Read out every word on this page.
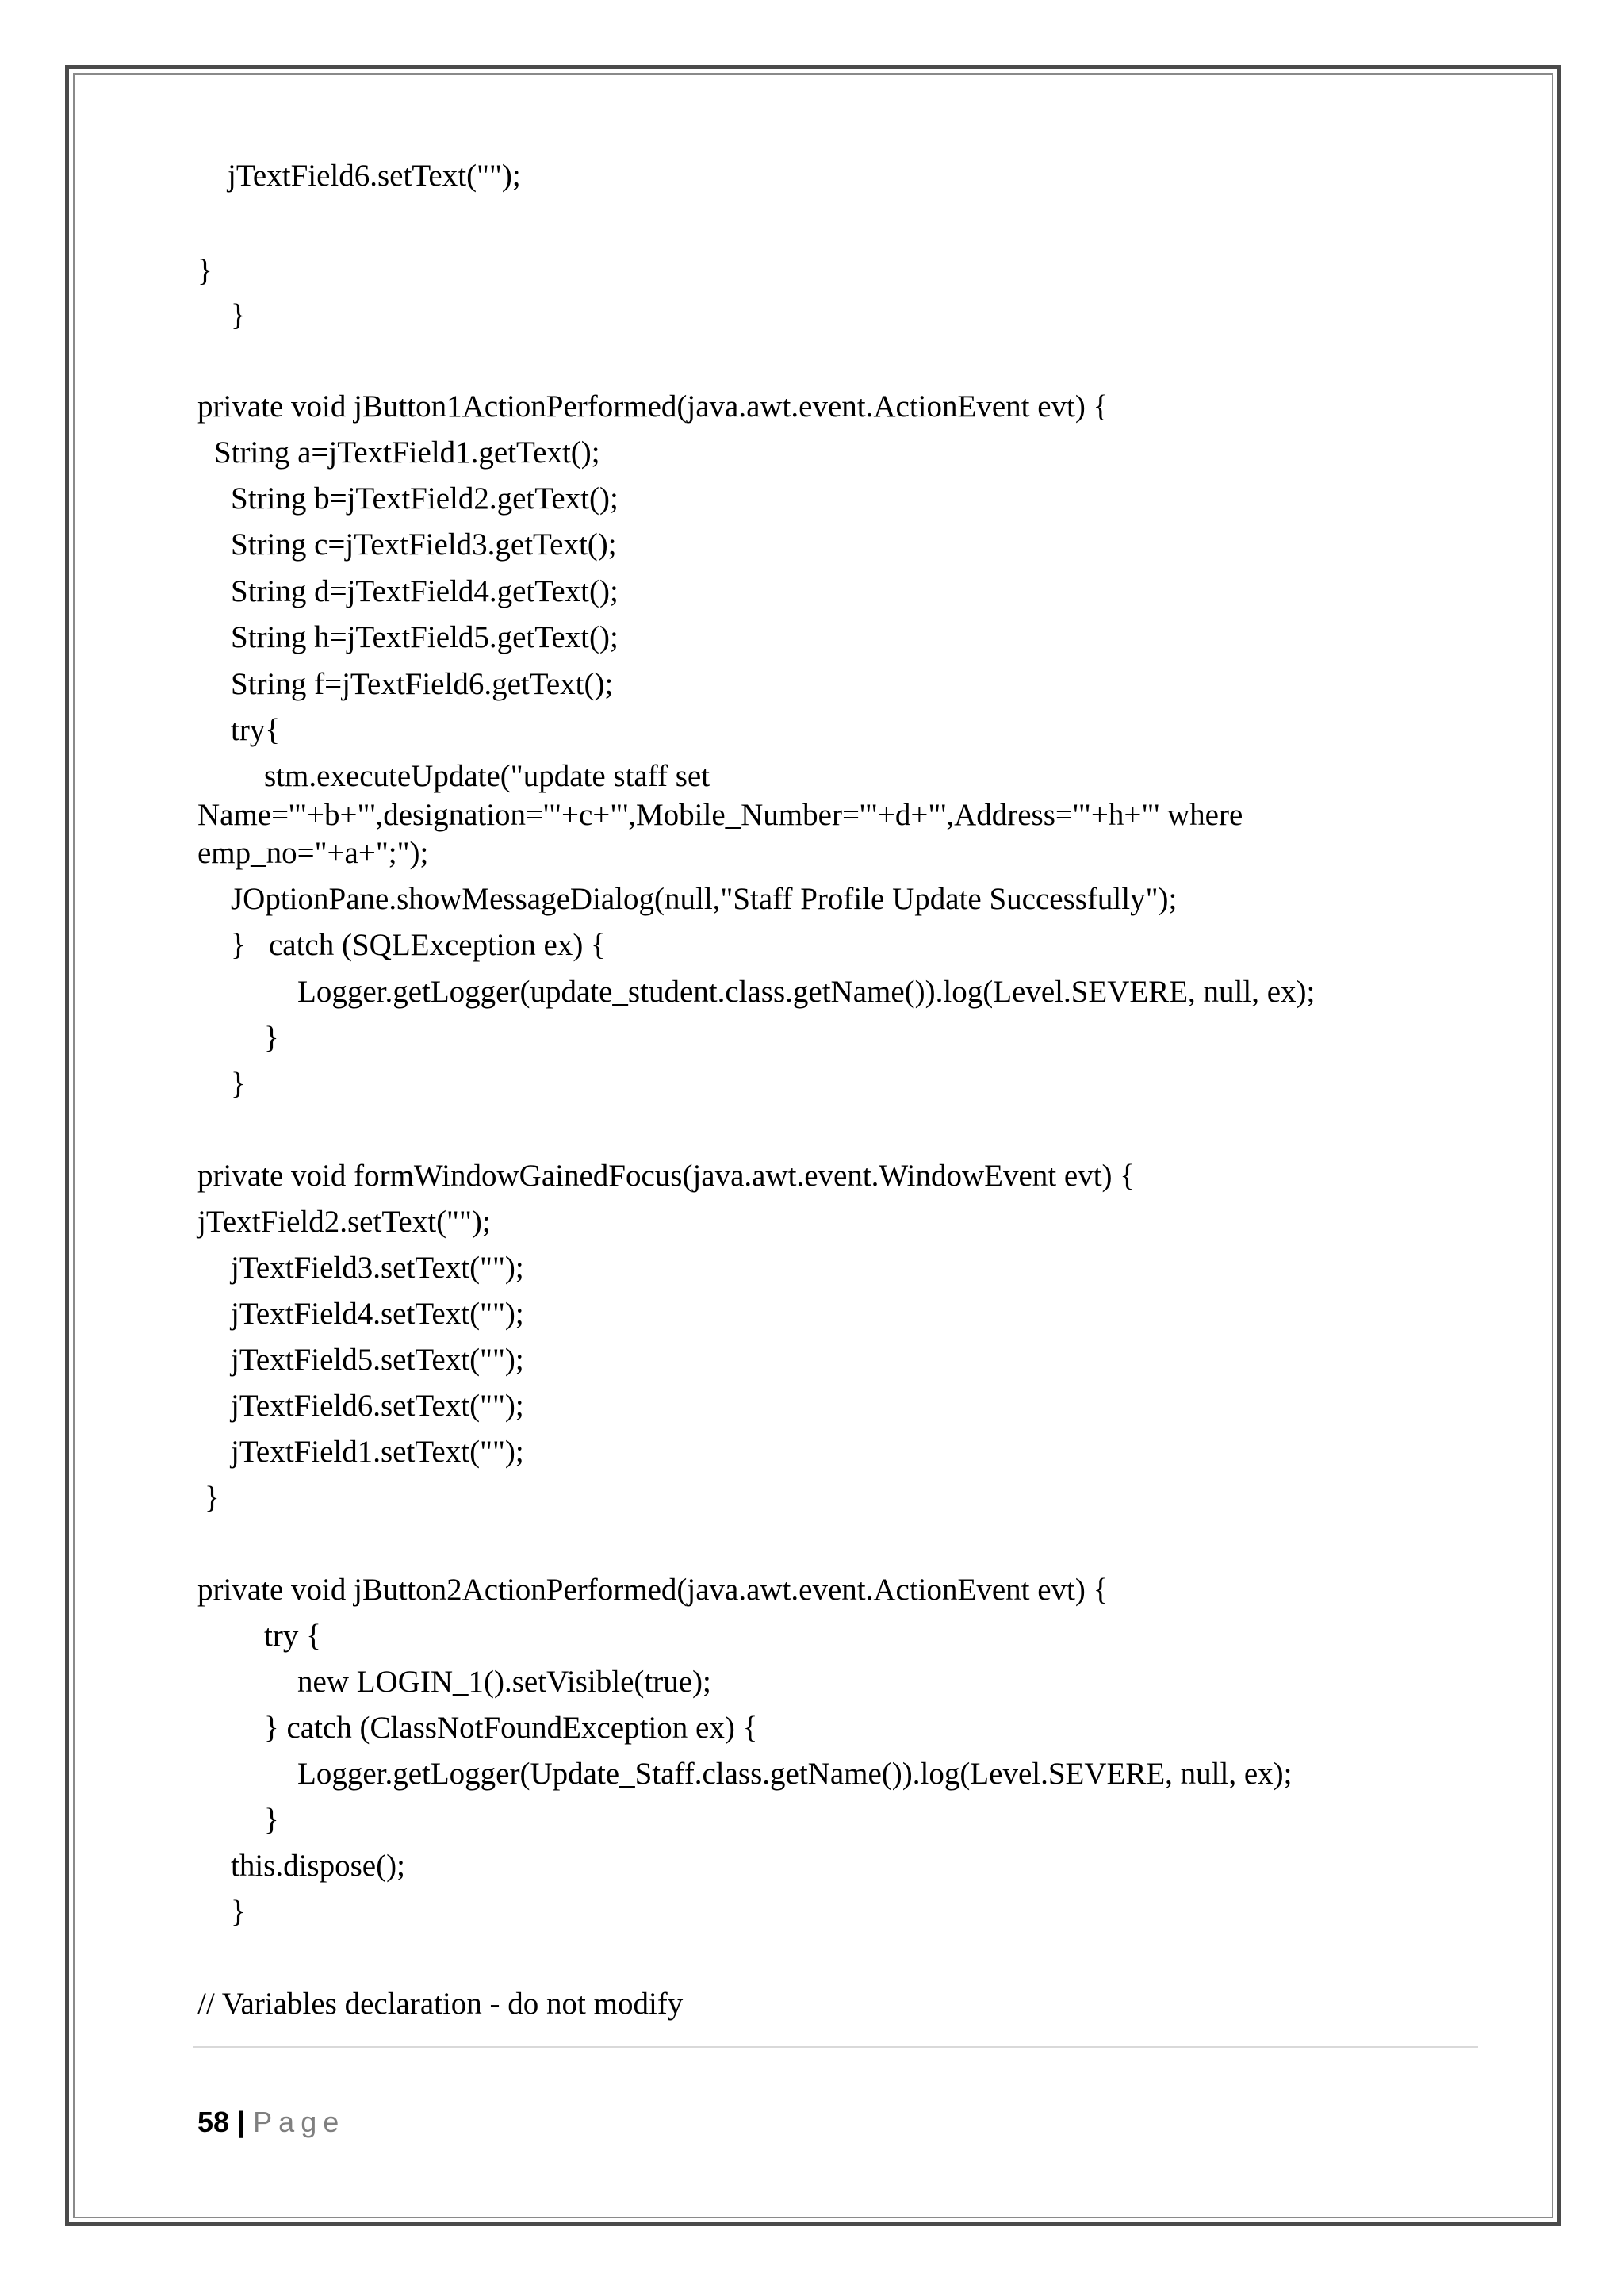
jTextField6.setText("");
}
}
private void jButton1ActionPerformed(java.awt.event.ActionEvent evt) {
String a=jTextField1.getText();
String b=jTextField2.getText();
String c=jTextField3.getText();
String d=jTextField4.getText();
String h=jTextField5.getText();
String f=jTextField6.getText();
try{
stm.executeUpdate("update staff set
Name='"+b+"',designation='"+c+"',Mobile_Number='"+d+"',Address='"+h+"' where
emp_no="+a+";");
JOptionPane.showMessageDialog(null,"Staff Profile Update Successfully");
}   catch (SQLException ex) {
Logger.getLogger(update_student.class.getName()).log(Level.SEVERE, null, ex);
}
}
private void formWindowGainedFocus(java.awt.event.WindowEvent evt) {
jTextField2.setText("");
jTextField3.setText("");
jTextField4.setText("");
jTextField5.setText("");
jTextField6.setText("");
jTextField1.setText("");
}
private void jButton2ActionPerformed(java.awt.event.ActionEvent evt) {
try {
new LOGIN_1().setVisible(true);
} catch (ClassNotFoundException ex) {
Logger.getLogger(Update_Staff.class.getName()).log(Level.SEVERE, null, ex);
}
this.dispose();
}
// Variables declaration - do not modify
58 | Page
